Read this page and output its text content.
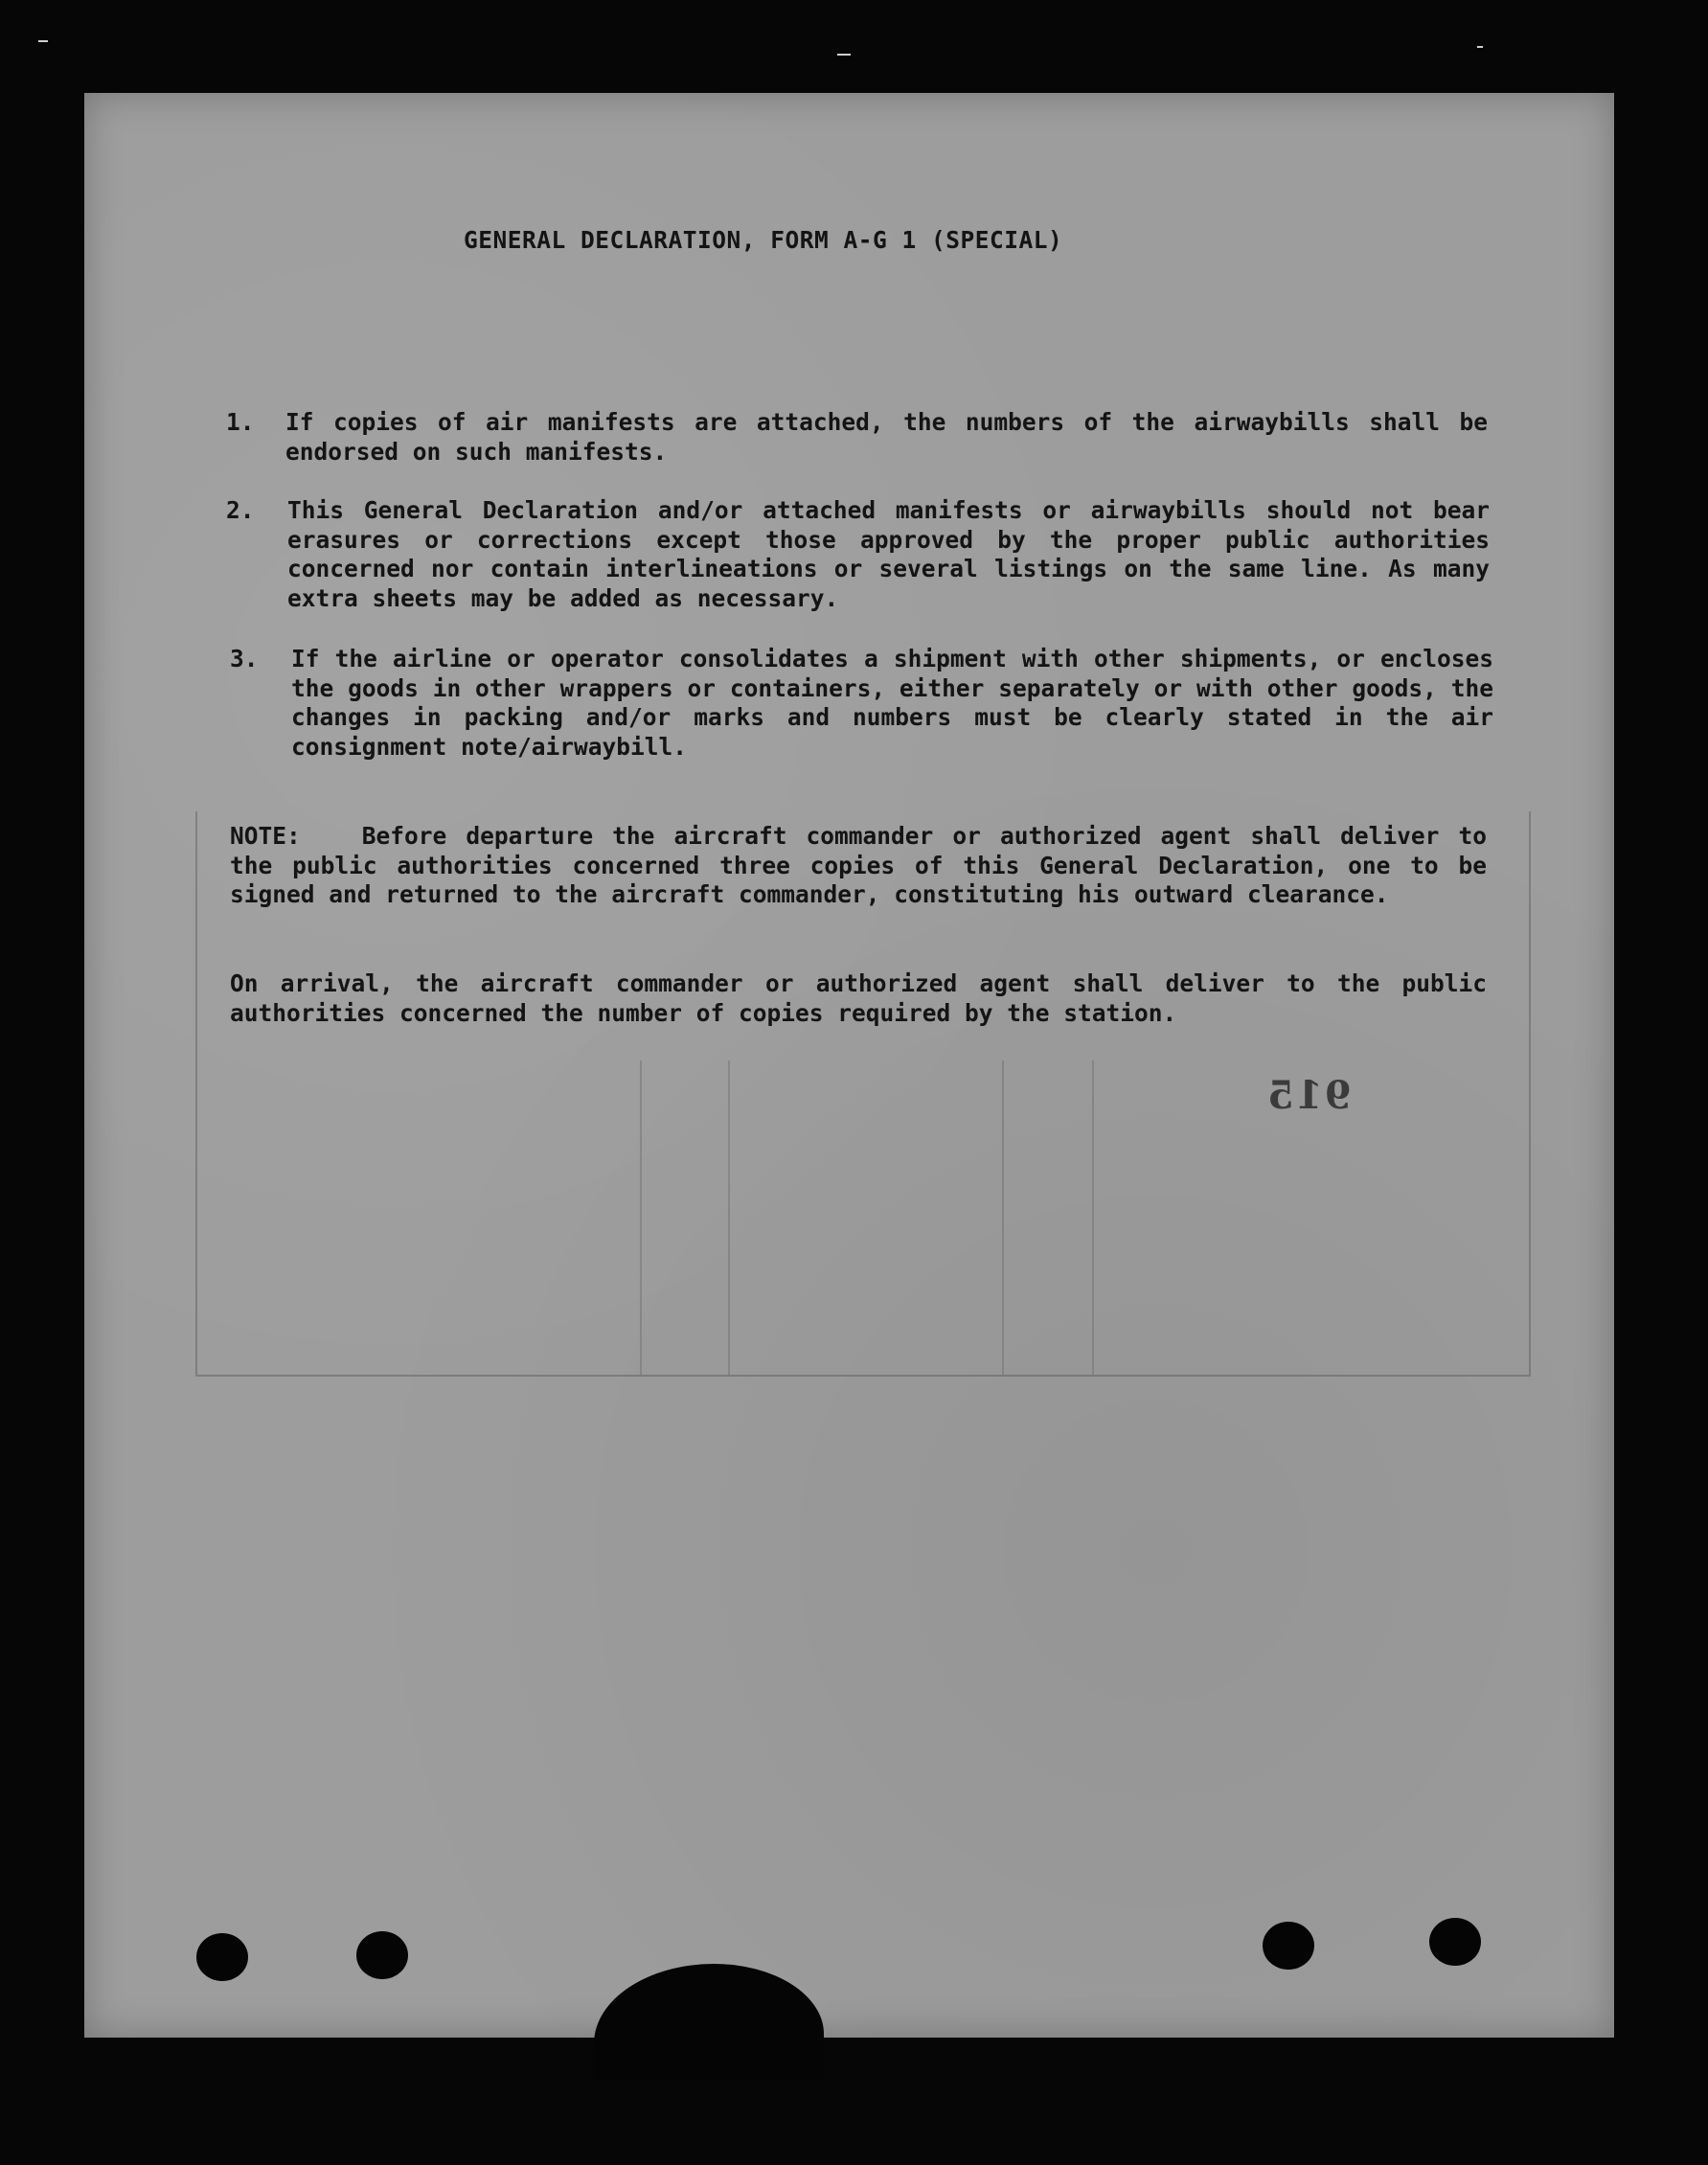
GENERAL DECLARATION, FORM A-G 1 (SPECIAL)
1. If copies of air manifests are attached, the numbers of the airwaybills shall be endorsed on such manifests.
2. This General Declaration and/or attached manifests or airwaybills should not bear erasures or corrections except those approved by the proper public authorities concerned nor contain interlineations or several listings on the same line. As many extra sheets may be added as necessary.
3. If the airline or operator consolidates a shipment with other shipments, or encloses the goods in other wrappers or containers, either separately or with other goods, the changes in packing and/or marks and numbers must be clearly stated in the air consignment note/airwaybill.
NOTE:	Before departure the aircraft commander or authorized agent shall deliver to the public authorities concerned three copies of this General Declaration, one to be signed and returned to the aircraft commander, constituting his outward clearance.
On arrival, the aircraft commander or authorized agent shall deliver to the public authorities concerned the number of copies required by the station.
915
